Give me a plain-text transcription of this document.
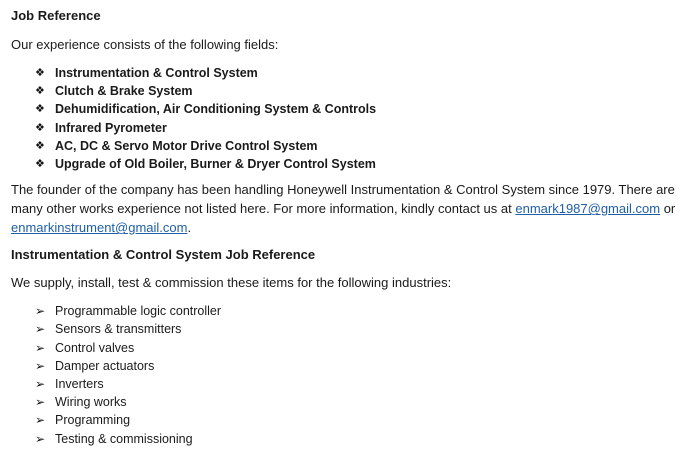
Job Reference

Our experience consists of the following fields:

❖ Instrumentation & Control System
❖ Clutch & Brake System
❖ Dehumidification, Air Conditioning System & Controls
❖ Infrared Pyrometer
❖ AC, DC & Servo Motor Drive Control System
❖ Upgrade of Old Boiler, Burner & Dryer Control System

The founder of the company has been handling Honeywell Instrumentation & Control System since 1979. There are many other works experience not listed here. For more information, kindly contact us at enmark1987@gmail.com or enmarkinstrument@gmail.com.

Instrumentation & Control System Job Reference

We supply, install, test & commission these items for the following industries:

➢ Programmable logic controller
➢ Sensors & transmitters
➢ Control valves
➢ Damper actuators
➢ Inverters
➢ Wiring works
➢ Programming
➢ Testing & commissioning
